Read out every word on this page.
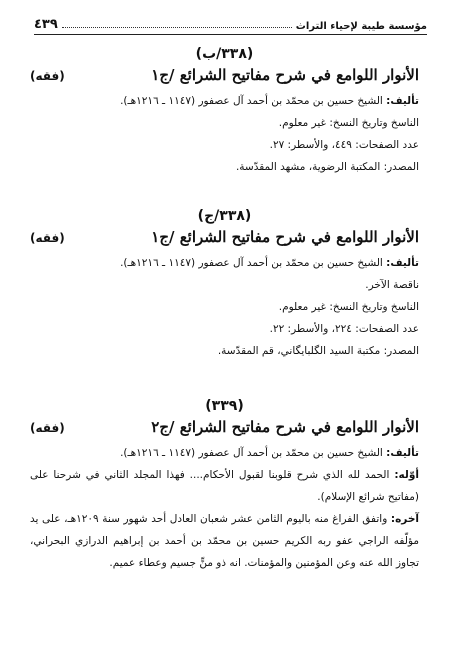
مؤسسة طيبة لإحياء التراث
٤٣٩
(٣٣٨/ب)
الأنوار اللوامع في شرح مفاتيح الشرائع /ج١
(فقه)
تأليف: الشيخ حسين بن محمّد بن أحمد آل عصفور (١١٤٧ ـ ١٢١٦هـ).
الناسخ وتاريخ النسخ: غير معلوم.
عدد الصفحات: ٤٤٩، والأسطر: ٢٧.
المصدر: المكتبة الرضوية، مشهد المقدّسة.
(٣٣٨/ج)
الأنوار اللوامع في شرح مفاتيح الشرائع /ج١
(فقه)
تأليف: الشيخ حسين بن محمّد بن أحمد آل عصفور (١١٤٧ ـ ١٢١٦هـ).
ناقصة الآخر.
الناسخ وتاريخ النسخ: غير معلوم.
عدد الصفحات: ٢٢٤، والأسطر: ٢٢.
المصدر: مكتبة السيد الگلبايگاني، قم المقدّسة.
(٣٣٩)
الأنوار اللوامع في شرح مفاتيح الشرائع /ج٢
(فقه)
تأليف: الشيخ حسين بن محمّد بن أحمد آل عصفور (١١٤٧ ـ ١٢١٦هـ).
أوّله: الحمد لله الذي شرح قلوبنا لقبول الأحكام.... فهذا المجلد الثاني في شرحنا على (مفاتيح شرائع الإسلام).
آخره: واتفق الفراغ منه باليوم الثامن عشر شعبان العادل أحد شهور سنة ١٢٠٩هـ، على يد مؤلّفه الراجي عفو ربه الكريم حسين بن محمّد بن أحمد بن إبراهيم الدرازي البحراني، تجاوز الله عنه وعن المؤمنين والمؤمنات. انه ذو منٍّ جسيم وعطاء عميم.
